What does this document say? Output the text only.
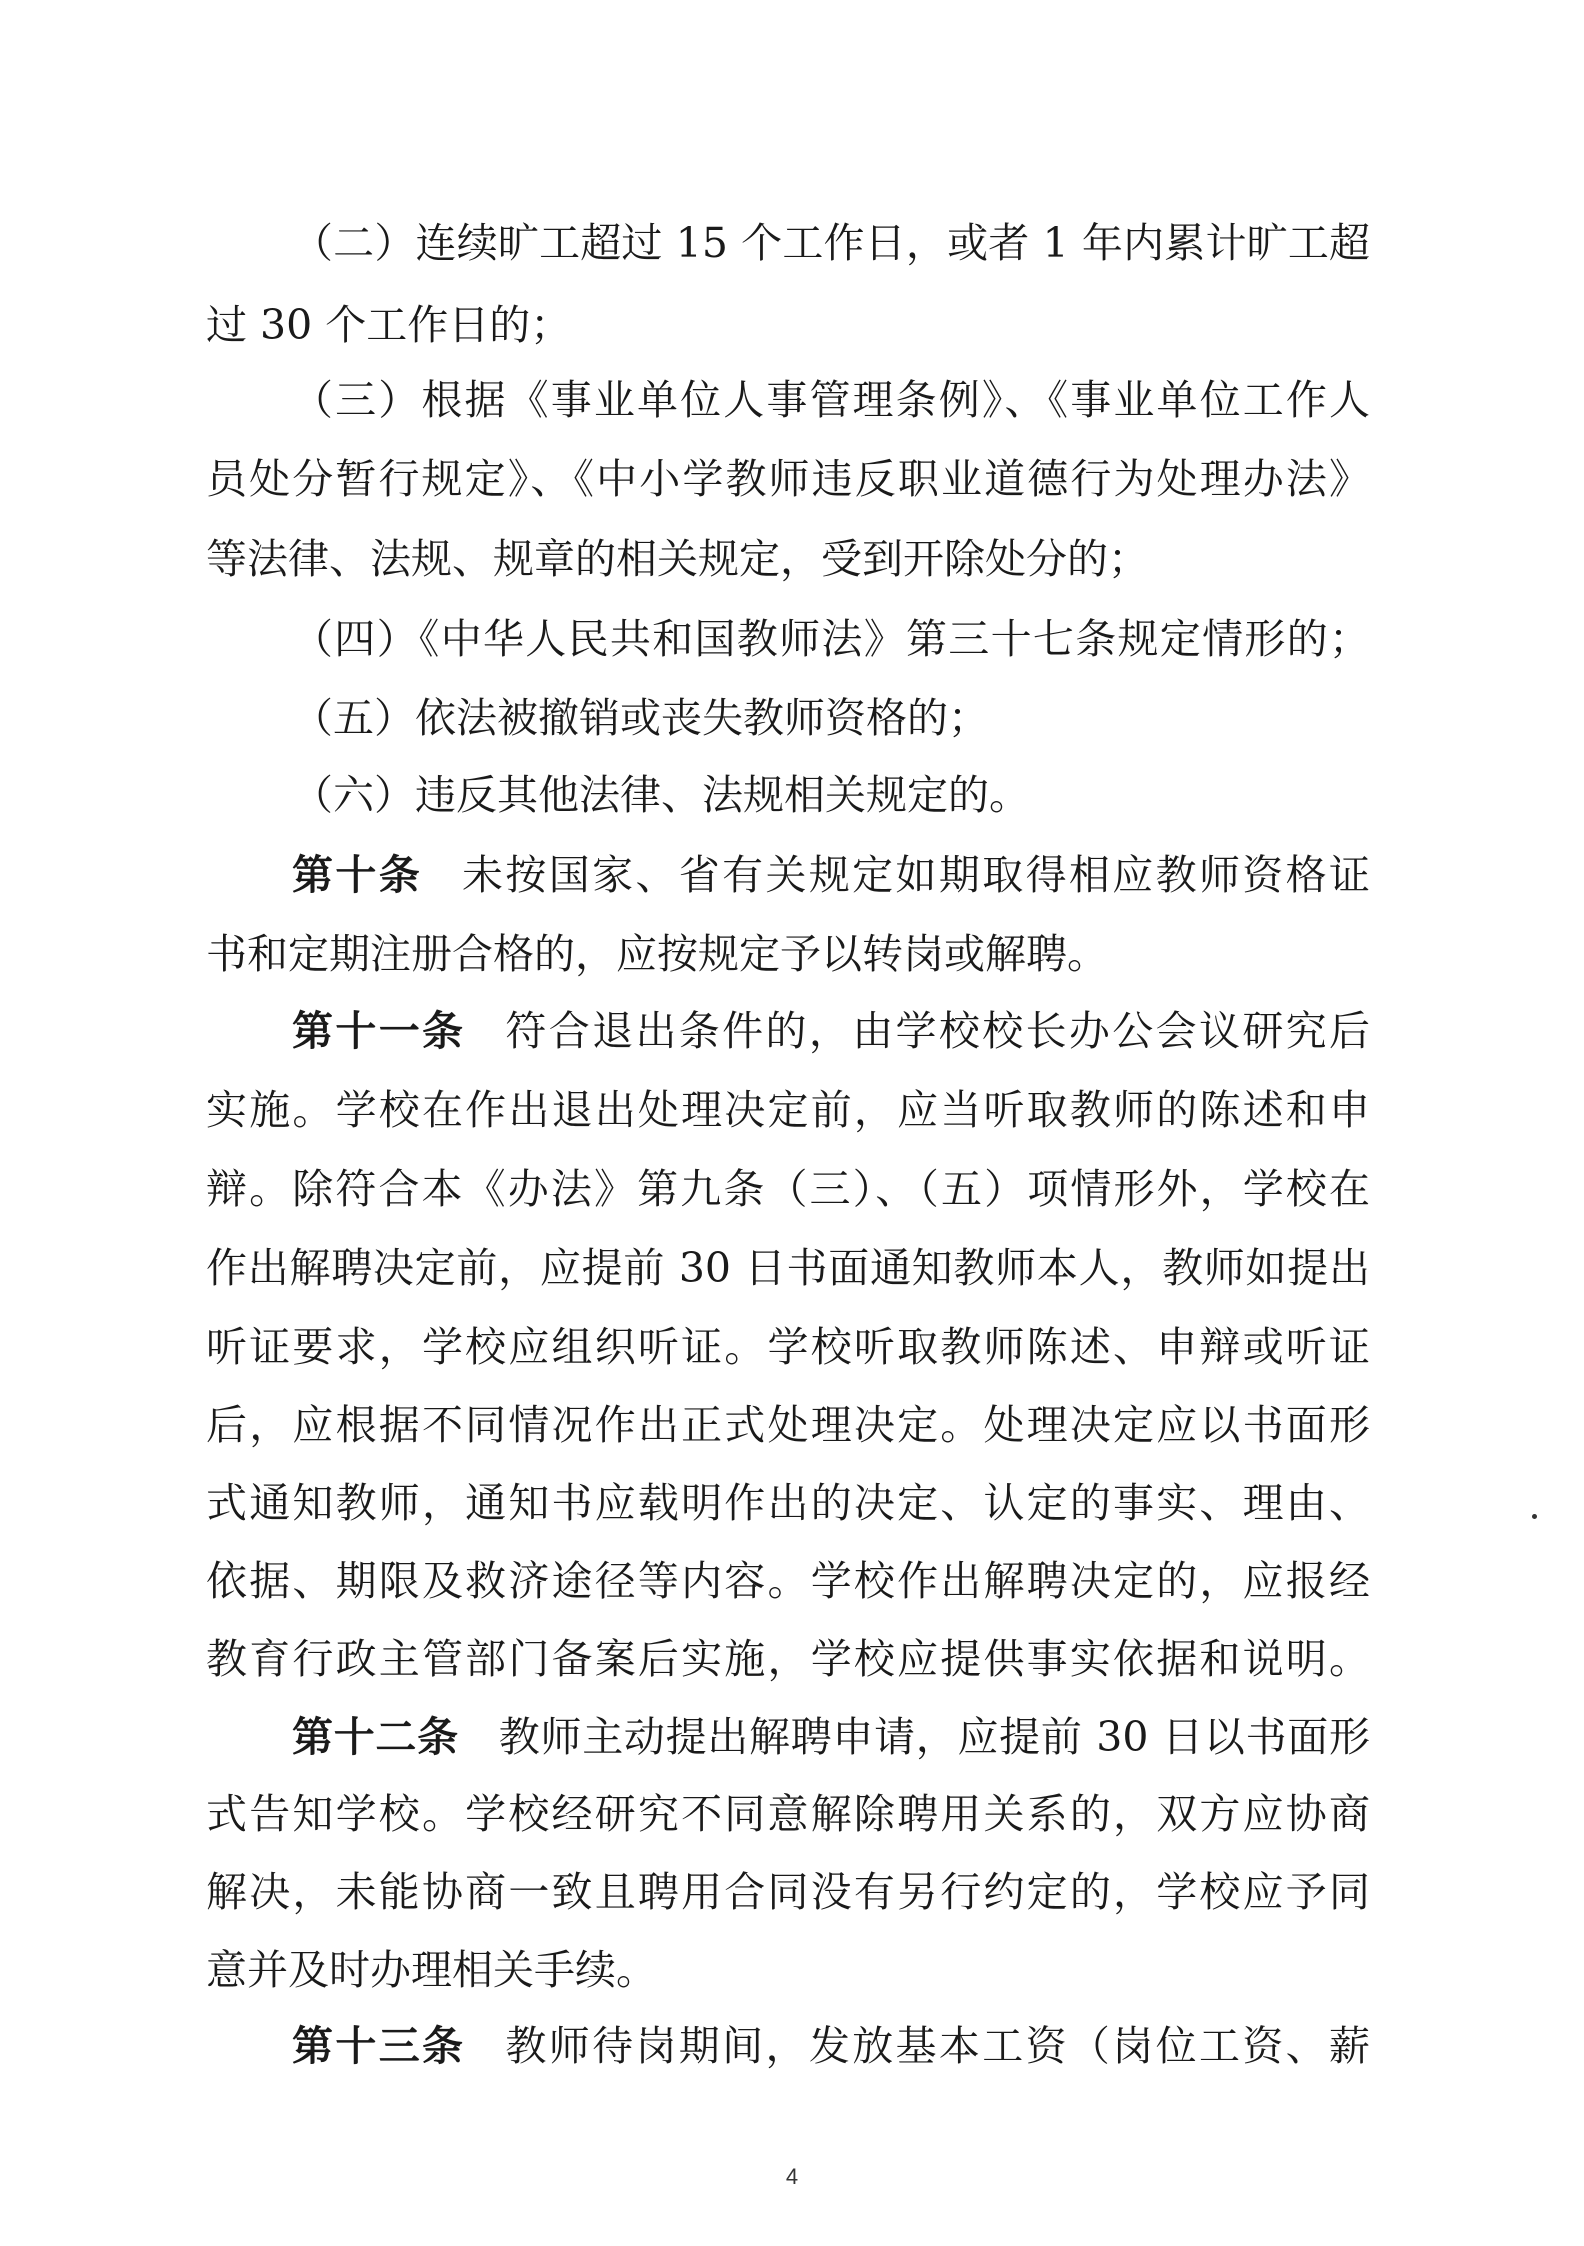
（二）连续旷工超过 15 个工作日，或者 1 年内累计旷工超
过 30 个工作日的；
（三）根据《事业单位人事管理条例》、《事业单位工作人
员处分暂行规定》、《中小学教师违反职业道德行为处理办法》
等法律、法规、规章的相关规定，受到开除处分的；
（四）《中华人民共和国教师法》第三十七条规定情形的；
（五）依法被撤销或丧失教师资格的；
（六）违反其他法律、法规相关规定的。
第十条 未按国家、省有关规定如期取得相应教师资格证
书和定期注册合格的，应按规定予以转岗或解聘。
第十一条 符合退出条件的，由学校校长办公会议研究后
实施。学校在作出退出处理决定前，应当听取教师的陈述和申
辩。除符合本《办法》第九条（三）、（五）项情形外，学校在
作出解聘决定前，应提前 30 日书面通知教师本人，教师如提出
听证要求，学校应组织听证。学校听取教师陈述、申辩或听证
后，应根据不同情况作出正式处理决定。处理决定应以书面形
式通知教师，通知书应载明作出的决定、认定的事实、理由、
依据、期限及救济途径等内容。学校作出解聘决定的，应报经
教育行政主管部门备案后实施，学校应提供事实依据和说明。
第十二条 教师主动提出解聘申请，应提前 30 日以书面形
式告知学校。学校经研究不同意解除聘用关系的，双方应协商
解决，未能协商一致且聘用合同没有另行约定的，学校应予同
意并及时办理相关手续。
第十三条 教师待岗期间，发放基本工资（岗位工资、薪
4
